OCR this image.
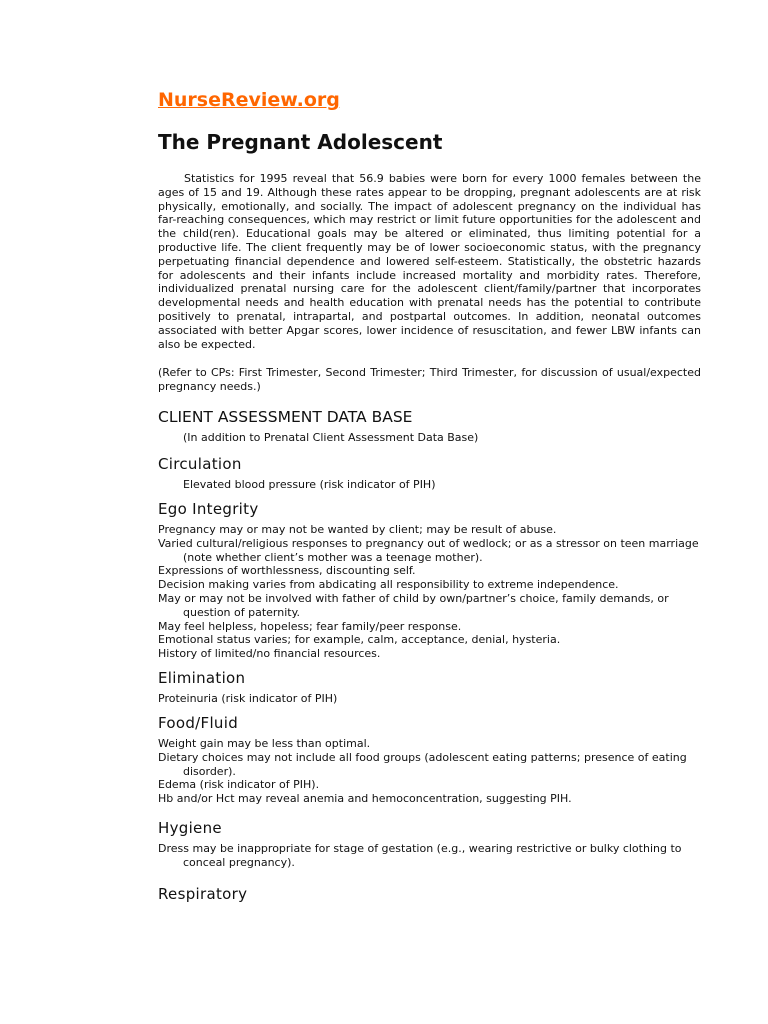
NurseReview.org
The Pregnant Adolescent

Statistics for 1995 reveal that 56.9 babies were born for every 1000 females between the ages of 15 and 19. Although these rates appear to be dropping, pregnant adolescents are at risk physically, emotionally, and socially. The impact of adolescent pregnancy on the individual has far-reaching consequences, which may restrict or limit future opportunities for the adolescent and the child(ren). Educational goals may be altered or eliminated, thus limiting potential for a productive life. The client frequently may be of lower socioeconomic status, with the pregnancy perpetuating financial dependence and lowered self-esteem. Statistically, the obstetric hazards for adolescents and their infants include increased mortality and morbidity rates. Therefore, individualized prenatal nursing care for the adolescent client/family/partner that incorporates developmental needs and health education with prenatal needs has the potential to contribute positively to prenatal, intrapartal, and postpartal outcomes. In addition, neonatal outcomes associated with better Apgar scores, lower incidence of resuscitation, and fewer LBW infants can also be expected.

(Refer to CPs: First Trimester, Second Trimester; Third Trimester, for discussion of usual/expected pregnancy needs.)

CLIENT ASSESSMENT DATA BASE

(In addition to Prenatal Client Assessment Data Base)

Circulation
Elevated blood pressure (risk indicator of PIH)
Ego Integrity
Pregnancy may or may not be wanted by client; may be result of abuse.
Varied cultural/religious responses to pregnancy out of wedlock; or as a stressor on teen marriage (note whether client’s mother was a teenage mother).
Expressions of worthlessness, discounting self.
Decision making varies from abdicating all responsibility to extreme independence.
May or may not be involved with father of child by own/partner’s choice, family demands, or question of paternity.
May feel helpless, hopeless; fear family/peer response.
Emotional status varies; for example, calm, acceptance, denial, hysteria.
History of limited/no financial resources.
Elimination
Proteinuria (risk indicator of PIH)
Food/Fluid
Weight gain may be less than optimal.
Dietary choices may not include all food groups (adolescent eating patterns; presence of eating disorder).
Edema (risk indicator of PIH).
Hb and/or Hct may reveal anemia and hemoconcentration, suggesting PIH.
Hygiene
Dress may be inappropriate for stage of gestation (e.g., wearing restrictive or bulky clothing to conceal pregnancy).
Respiratory
